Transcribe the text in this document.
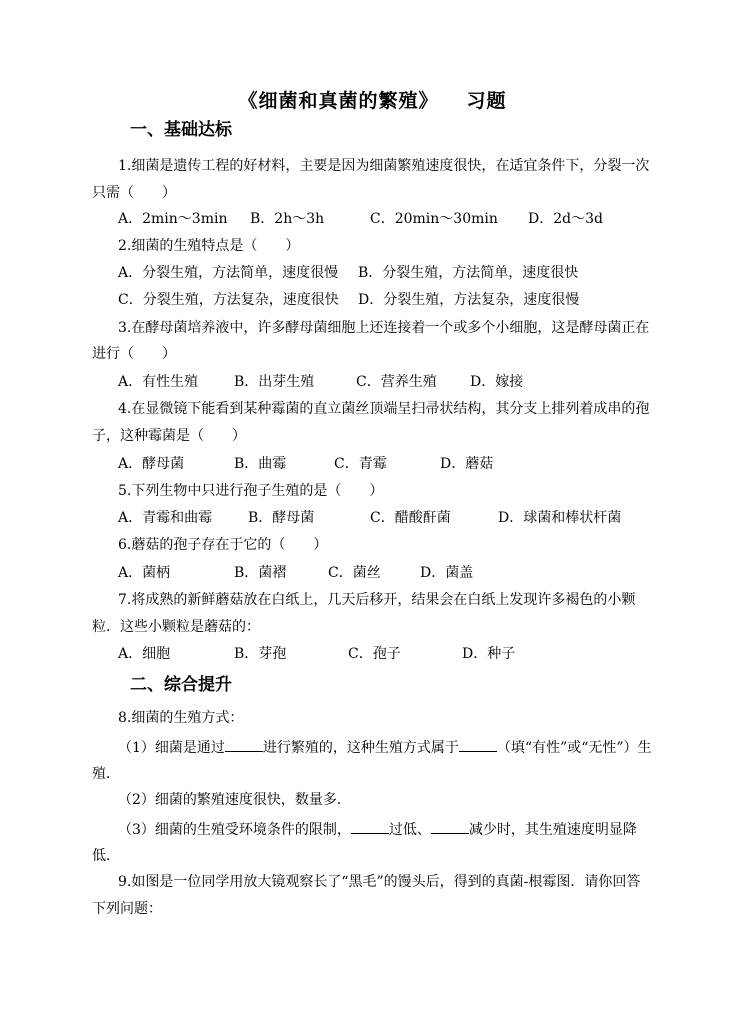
《细菌和真菌的繁殖》 习题
一、基础达标
1.细菌是遗传工程的好材料，主要是因为细菌繁殖速度很快，在适宜条件下，分裂一次
只需（　　）
A．2min～3min B．2h～3h	C．20min～30min D．2d～3d
2.细菌的生殖特点是（　　）
A．分裂生殖，方法简单，速度很慢 B．分裂生殖，方法简单，速度很快
C．分裂生殖，方法复杂，速度很快 D．分裂生殖，方法复杂，速度很慢
3.在酵母菌培养液中，许多酵母菌细胞上还连接着一个或多个小细胞，这是酵母菌正在
进行（　　）
A．有性生殖	B．出芽生殖	C．营养生殖 D．嫁接
4.在显微镜下能看到某种霉菌的直立菌丝顶端呈扫帚状结构，其分支上排列着成串的孢
子，这种霉菌是（　　）
A．酵母菌	B．曲霉	C．青霉	D．蘑菇
5.下列生物中只进行孢子生殖的是（　　）
A．青霉和曲霉	B．酵母菌	C．醋酸酐菌	D．球菌和棒状杆菌
6.蘑菇的孢子存在于它的（　　）
A．菌柄	B．菌褶	C．菌丝	D．菌盖
7.将成熟的新鲜蘑菇放在白纸上，几天后移开，结果会在白纸上发现许多褐色的小颗
粒．这些小颗粒是蘑菇的：
A．细胞	B．芽孢	C．孢子	D．种子
二、综合提升
8.细菌的生殖方式：
（1）细菌是通过	进行繁殖的，这种生殖方式属于	（填“有性”或“无性”）生
殖．
（2）细菌的繁殖速度很快，数量多．
（3）细菌的生殖受环境条件的限制，	过低、	减少时，其生殖速度明显降
低．
9.如图是一位同学用放大镜观察长了“黑毛”的馒头后，得到的真菌-根霉图．请你回答
下列问题：
